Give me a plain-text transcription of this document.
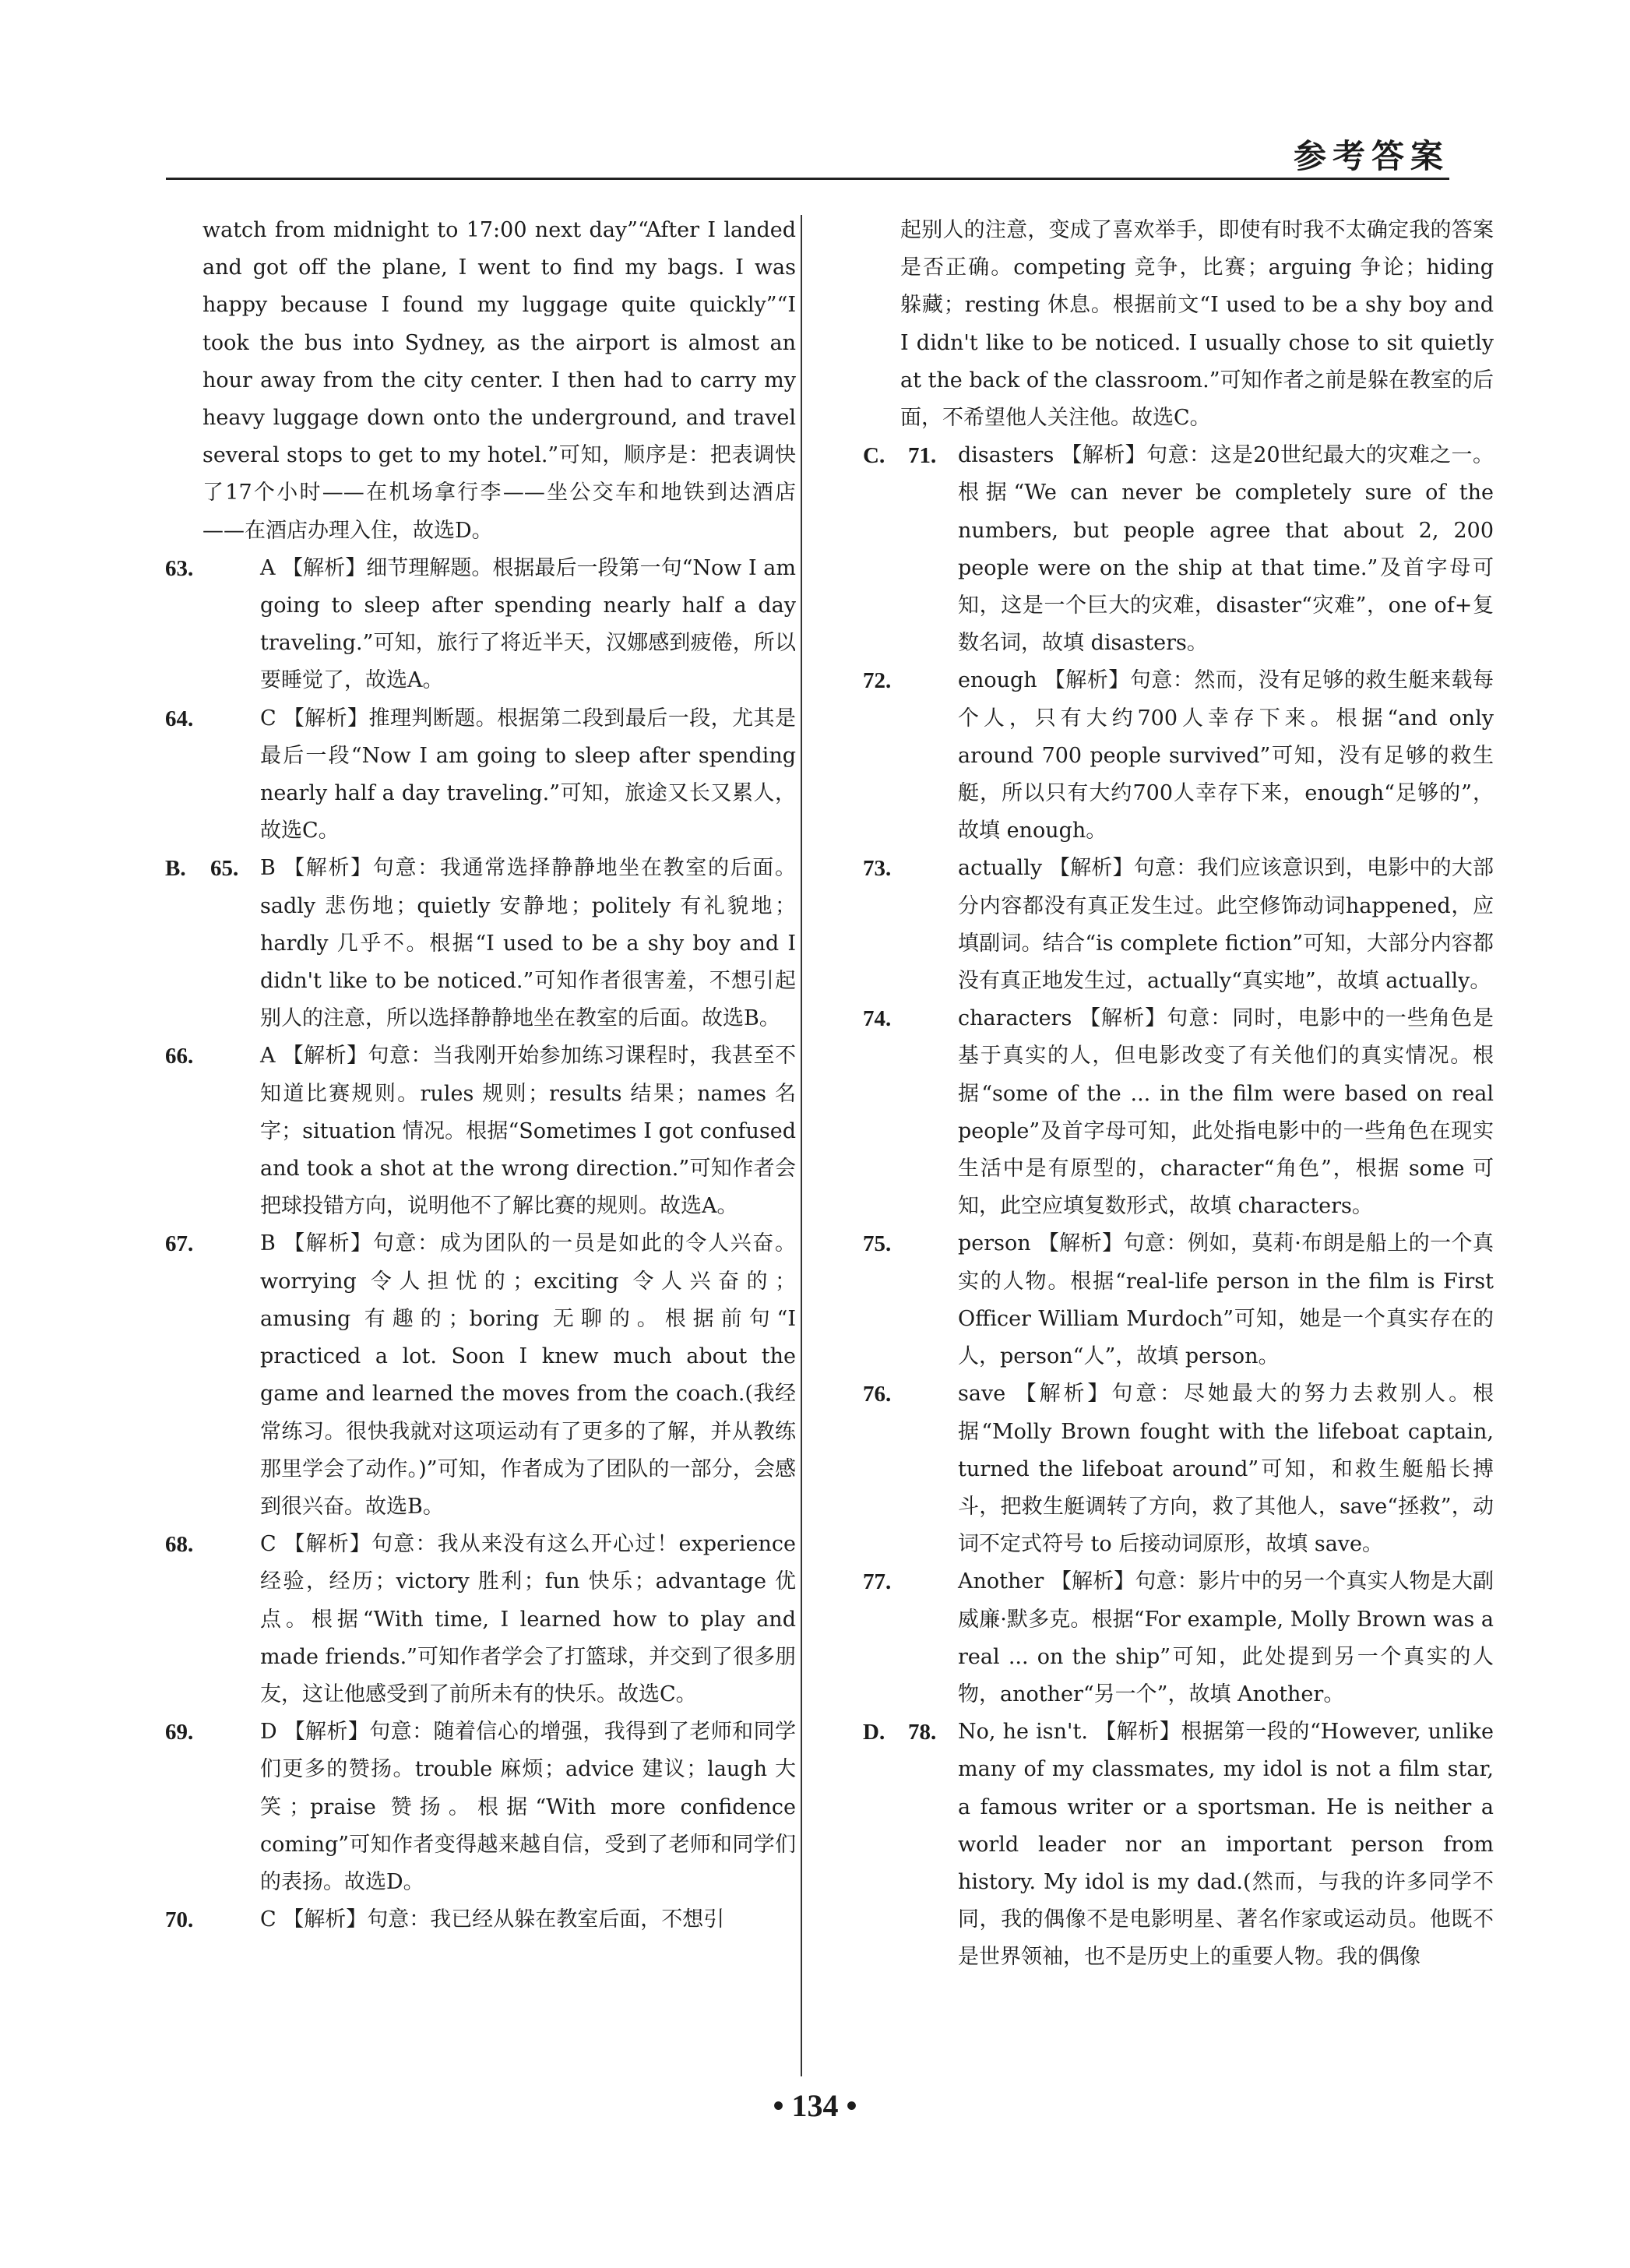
参考答案

watch from midnight to 17:00 next day”“After I landed and got off the plane, I went to find my bags. I was happy because I found my luggage quite quickly”“I took the bus into Sydney, as the airport is almost an hour away from the city center. I then had to carry my heavy luggage down onto the underground, and travel several stops to get to my hotel.”可知，顺序是：把表调快了17个小时——在机场拿行李——坐公交车和地铁到达酒店——在酒店办理入住，故选D。

63.	A 【解析】细节理解题。根据最后一段第一句“Now I am going to sleep after spending nearly half a day traveling.”可知，旅行了将近半天，汉娜感到疲倦，所以要睡觉了，故选A。

64.	C 【解析】推理判断题。根据第二段到最后一段，尤其是最后一段“Now I am going to sleep after spending nearly half a day traveling.”可知，旅途又长又累人，故选C。

B. 65. B 【解析】句意：我通常选择静静地坐在教室的后面。sadly 悲伤地；quietly 安静地；politely 有礼貌地；hardly 几乎不。根据“I used to be a shy boy and I didn't like to be noticed.”可知作者很害羞，不想引起别人的注意，所以选择静静地坐在教室的后面。故选B。

66.	A 【解析】句意：当我刚开始参加练习课程时，我甚至不知道比赛规则。rules 规则；results 结果；names 名字；situation 情况。根据“Sometimes I got confused and took a shot at the wrong direction.”可知作者会把球投错方向，说明他不了解比赛的规则。故选A。

67.	B 【解析】句意：成为团队的一员是如此的令人兴奋。worrying 令人担忧的；exciting 令人兴奋的；amusing 有趣的；boring 无聊的。根据前句“I practiced a lot. Soon I knew much about the game and learned the moves from the coach.(我经常练习。很快我就对这项运动有了更多的了解，并从教练那里学会了动作。)”可知，作者成为了团队的一部分，会感到很兴奋。故选B。

68.	C 【解析】句意：我从来没有这么开心过！experience 经验，经历；victory 胜利；fun 快乐；advantage 优点。根据“With time, I learned how to play and made friends.”可知作者学会了打篮球，并交到了很多朋友，这让他感受到了前所未有的快乐。故选C。

69.	D 【解析】句意：随着信心的增强，我得到了老师和同学们更多的赞扬。trouble 麻烦；advice 建议；laugh 大笑；praise 赞扬。根据“With more confidence coming”可知作者变得越来越自信，受到了老师和同学们的表扬。故选D。

70.	C 【解析】句意：我已经从躲在教室后面，不想引

起别人的注意，变成了喜欢举手，即使有时我不太确定我的答案是否正确。competing 竞争，比赛；arguing 争论；hiding 躲藏；resting 休息。根据前文“I used to be a shy boy and I didn't like to be noticed. I usually chose to sit quietly at the back of the classroom.”可知作者之前是躲在教室的后面，不希望他人关注他。故选C。

C. 71. disasters 【解析】句意：这是20世纪最大的灾难之一。根据“We can never be completely sure of the numbers, but people agree that about 2, 200 people were on the ship at that time.”及首字母可知，这是一个巨大的灾难，disaster“灾难”，one of+复数名词，故填 disasters。

72.	enough 【解析】句意：然而，没有足够的救生艇来载每个人，只有大约700人幸存下来。根据“and only around 700 people survived”可知，没有足够的救生艇，所以只有大约700人幸存下来，enough“足够的”，故填 enough。

73.	actually 【解析】句意：我们应该意识到，电影中的大部分内容都没有真正发生过。此空修饰动词happened，应填副词。结合“is complete fiction”可知，大部分内容都没有真正地发生过，actually“真实地”，故填 actually。

74.	characters 【解析】句意：同时，电影中的一些角色是基于真实的人，但电影改变了有关他们的真实情况。根据“some of the ... in the film were based on real people”及首字母可知，此处指电影中的一些角色在现实生活中是有原型的，character“角色”，根据 some 可知，此空应填复数形式，故填 characters。

75.	person 【解析】句意：例如，莫莉·布朗是船上的一个真实的人物。根据“real-life person in the film is First Officer William Murdoch”可知，她是一个真实存在的人，person“人”，故填 person。

76.	save 【解析】句意：尽她最大的努力去救别人。根据“Molly Brown fought with the lifeboat captain, turned the lifeboat around”可知，和救生艇船长搏斗，把救生艇调转了方向，救了其他人，save“拯救”，动词不定式符号 to 后接动词原形，故填 save。

77.	Another 【解析】句意：影片中的另一个真实人物是大副威廉·默多克。根据“For example, Molly Brown was a real ... on the ship”可知，此处提到另一个真实的人物，another“另一个”，故填 Another。

D. 78. No, he isn't. 【解析】根据第一段的“However, unlike many of my classmates, my idol is not a film star, a famous writer or a sportsman. He is neither a world leader nor an important person from history. My idol is my dad.(然而，与我的许多同学不同，我的偶像不是电影明星、著名作家或运动员。他既不是世界领袖，也不是历史上的重要人物。我的偶像

• 134 •
